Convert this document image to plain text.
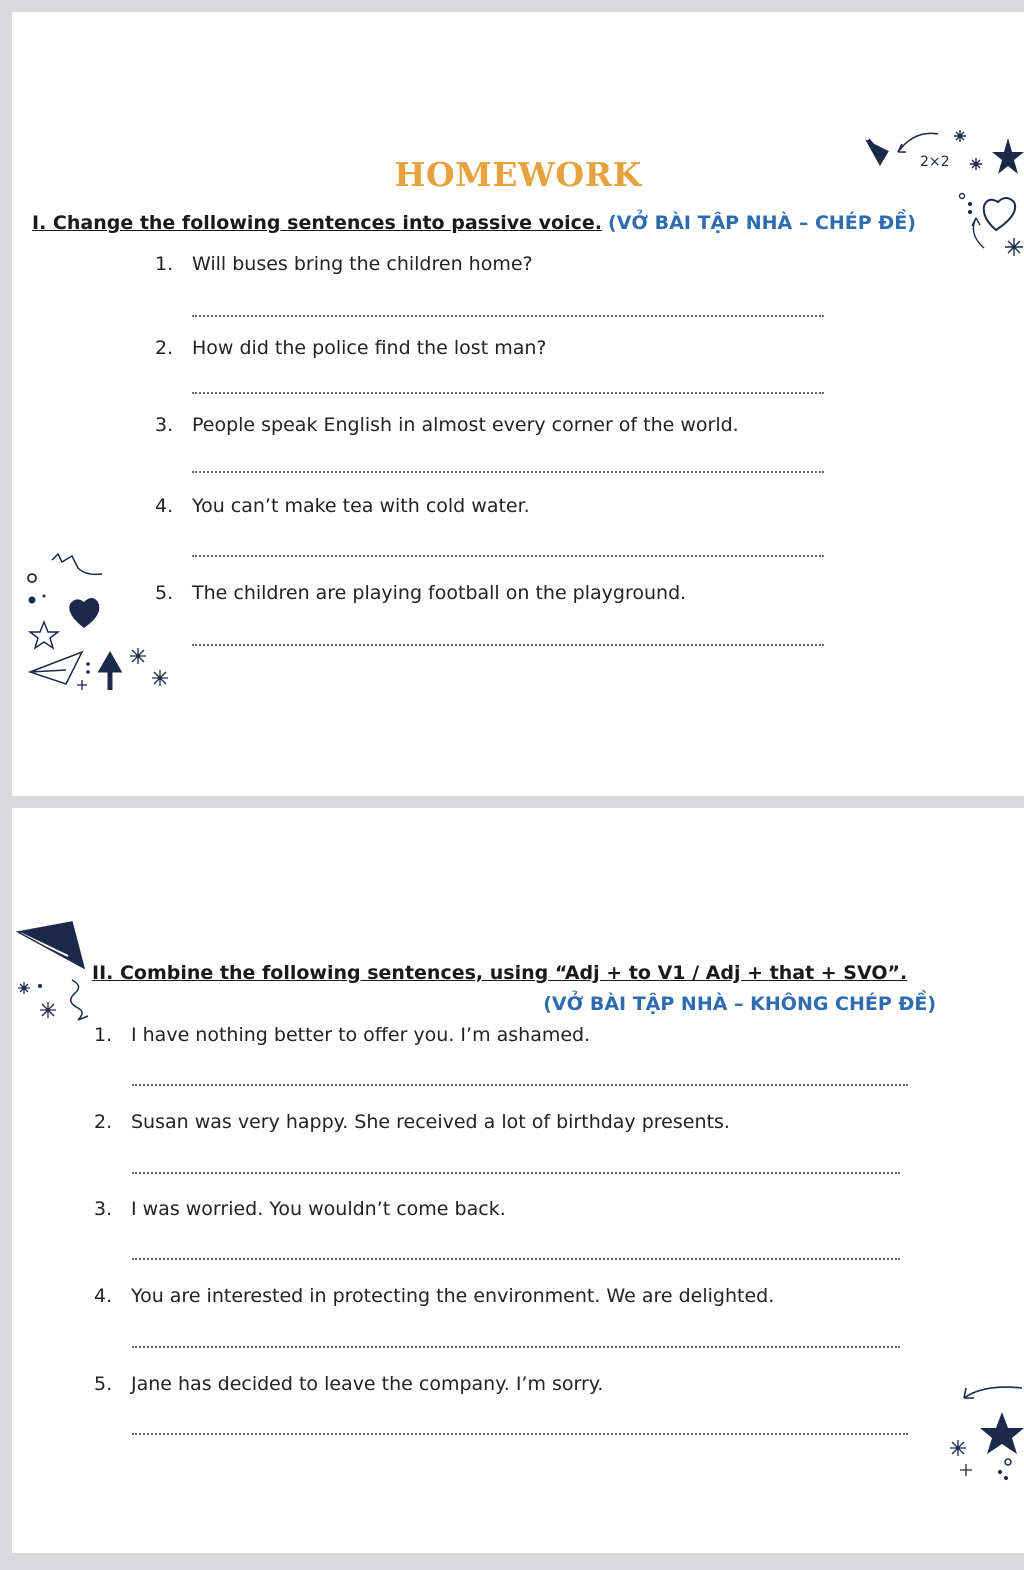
HOMEWORK

I. Change the following sentences into passive voice. (VỞ BÀI TẬP NHÀ – CHÉP ĐỀ)

1. Will buses bring the children home?
2. How did the police find the lost man?
3. People speak English in almost every corner of the world.
4. You can’t make tea with cold water.
5. The children are playing football on the playground.
2×2

II. Combine the following sentences, using “Adj + to V1 / Adj + that + SVO”.

(VỞ BÀI TẬP NHÀ – KHÔNG CHÉP ĐỀ)

1. I have nothing better to offer you. I’m ashamed.
2. Susan was very happy. She received a lot of birthday presents.
3. I was worried. You wouldn’t come back.
4. You are interested in protecting the environment. We are delighted.
5. Jane has decided to leave the company. I’m sorry.
